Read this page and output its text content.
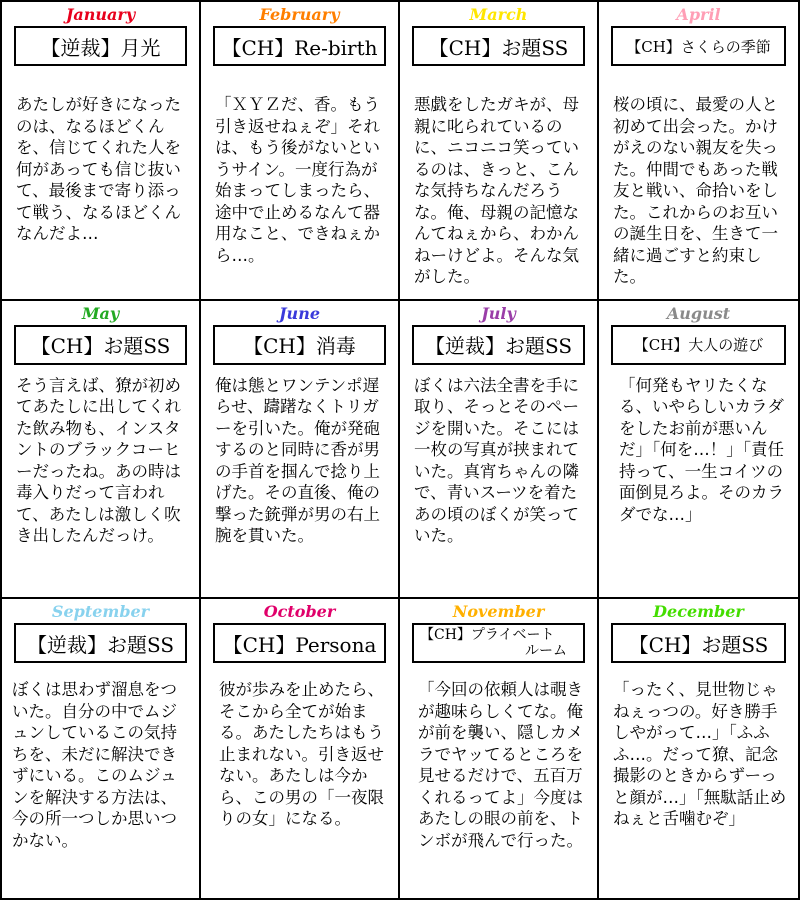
January
【逆裁】月光
あたしが好きになったのは、なるほどくんを、信じてくれた人を何があっても信じ抜いて、最後まで寄り添って戦う、なるほどくんなんだよ…
February
【CH】Re-birth
「ＸＹＺだ、香。もう引き返せねぇぞ」それは、もう後がないというサイン。一度行為が始まってしまったら、途中で止めるなんて器用なこと、できねぇから…。
March
【CH】お題SS
悪戯をしたガキが、母親に叱られているのに、ニコニコ笑っているのは、きっと、こんな気持ちなんだろうな。俺、母親の記憶なんてねぇから、わかんねーけどよ。そんな気がした。
April
【CH】さくらの季節
桜の頃に、最愛の人と初めて出会った。かけがえのない親友を失った。仲間でもあった戦友と戦い、命拾いをした。これからのお互いの誕生日を、生きて一緒に過ごすと約束した。
May
【CH】お題SS
そう言えば、獠が初めてあたしに出してくれた飲み物も、インスタントのブラックコーヒーだったね。あの時は毒入りだって言われて、あたしは激しく吹き出したんだっけ。
June
【CH】消毒
俺は態とワンテンポ遅らせ、躊躇なくトリガーを引いた。俺が発砲するのと同時に香が男の手首を掴んで捻り上げた。その直後、俺の撃った銃弾が男の右上腕を貫いた。
July
【逆裁】お題SS
ぼくは六法全書を手に取り、そっとそのページを開いた。そこには一枚の写真が挟まれていた。真宵ちゃんの隣で、青いスーツを着たあの頃のぼくが笑っていた。
August
【CH】大人の遊び
「何発もヤリたくなる、いやらしいカラダをしたお前が悪いんだ」「何を…！」「責任持って、一生コイツの面倒見ろよ。そのカラダでな…」
September
【逆裁】お題SS
ぼくは思わず溜息をついた。自分の中でムジュンしているこの気持ちを、未だに解決できずにいる。このムジュンを解決する方法は、今の所一つしか思いつかない。
October
【CH】Persona
彼が歩みを止めたら、そこから全てが始まる。あたしたちはもう止まれない。引き返せない。あたしは今から、この男の「一夜限りの女」になる。
November
【CH】プライベート
ルーム
「今回の依頼人は覗きが趣味らしくてな。俺が前を襲い、隠しカメラでヤッてるところを見せるだけで、五百万くれるってよ」今度はあたしの眼の前を、トンボが飛んで行った。
December
【CH】お題SS
「ったく、見世物じゃねぇっつの。好き勝手しやがって…」「ふふふ…。だって獠、記念撮影のときからずーっと顔が…」「無駄話止めねぇと舌噛むぞ」
